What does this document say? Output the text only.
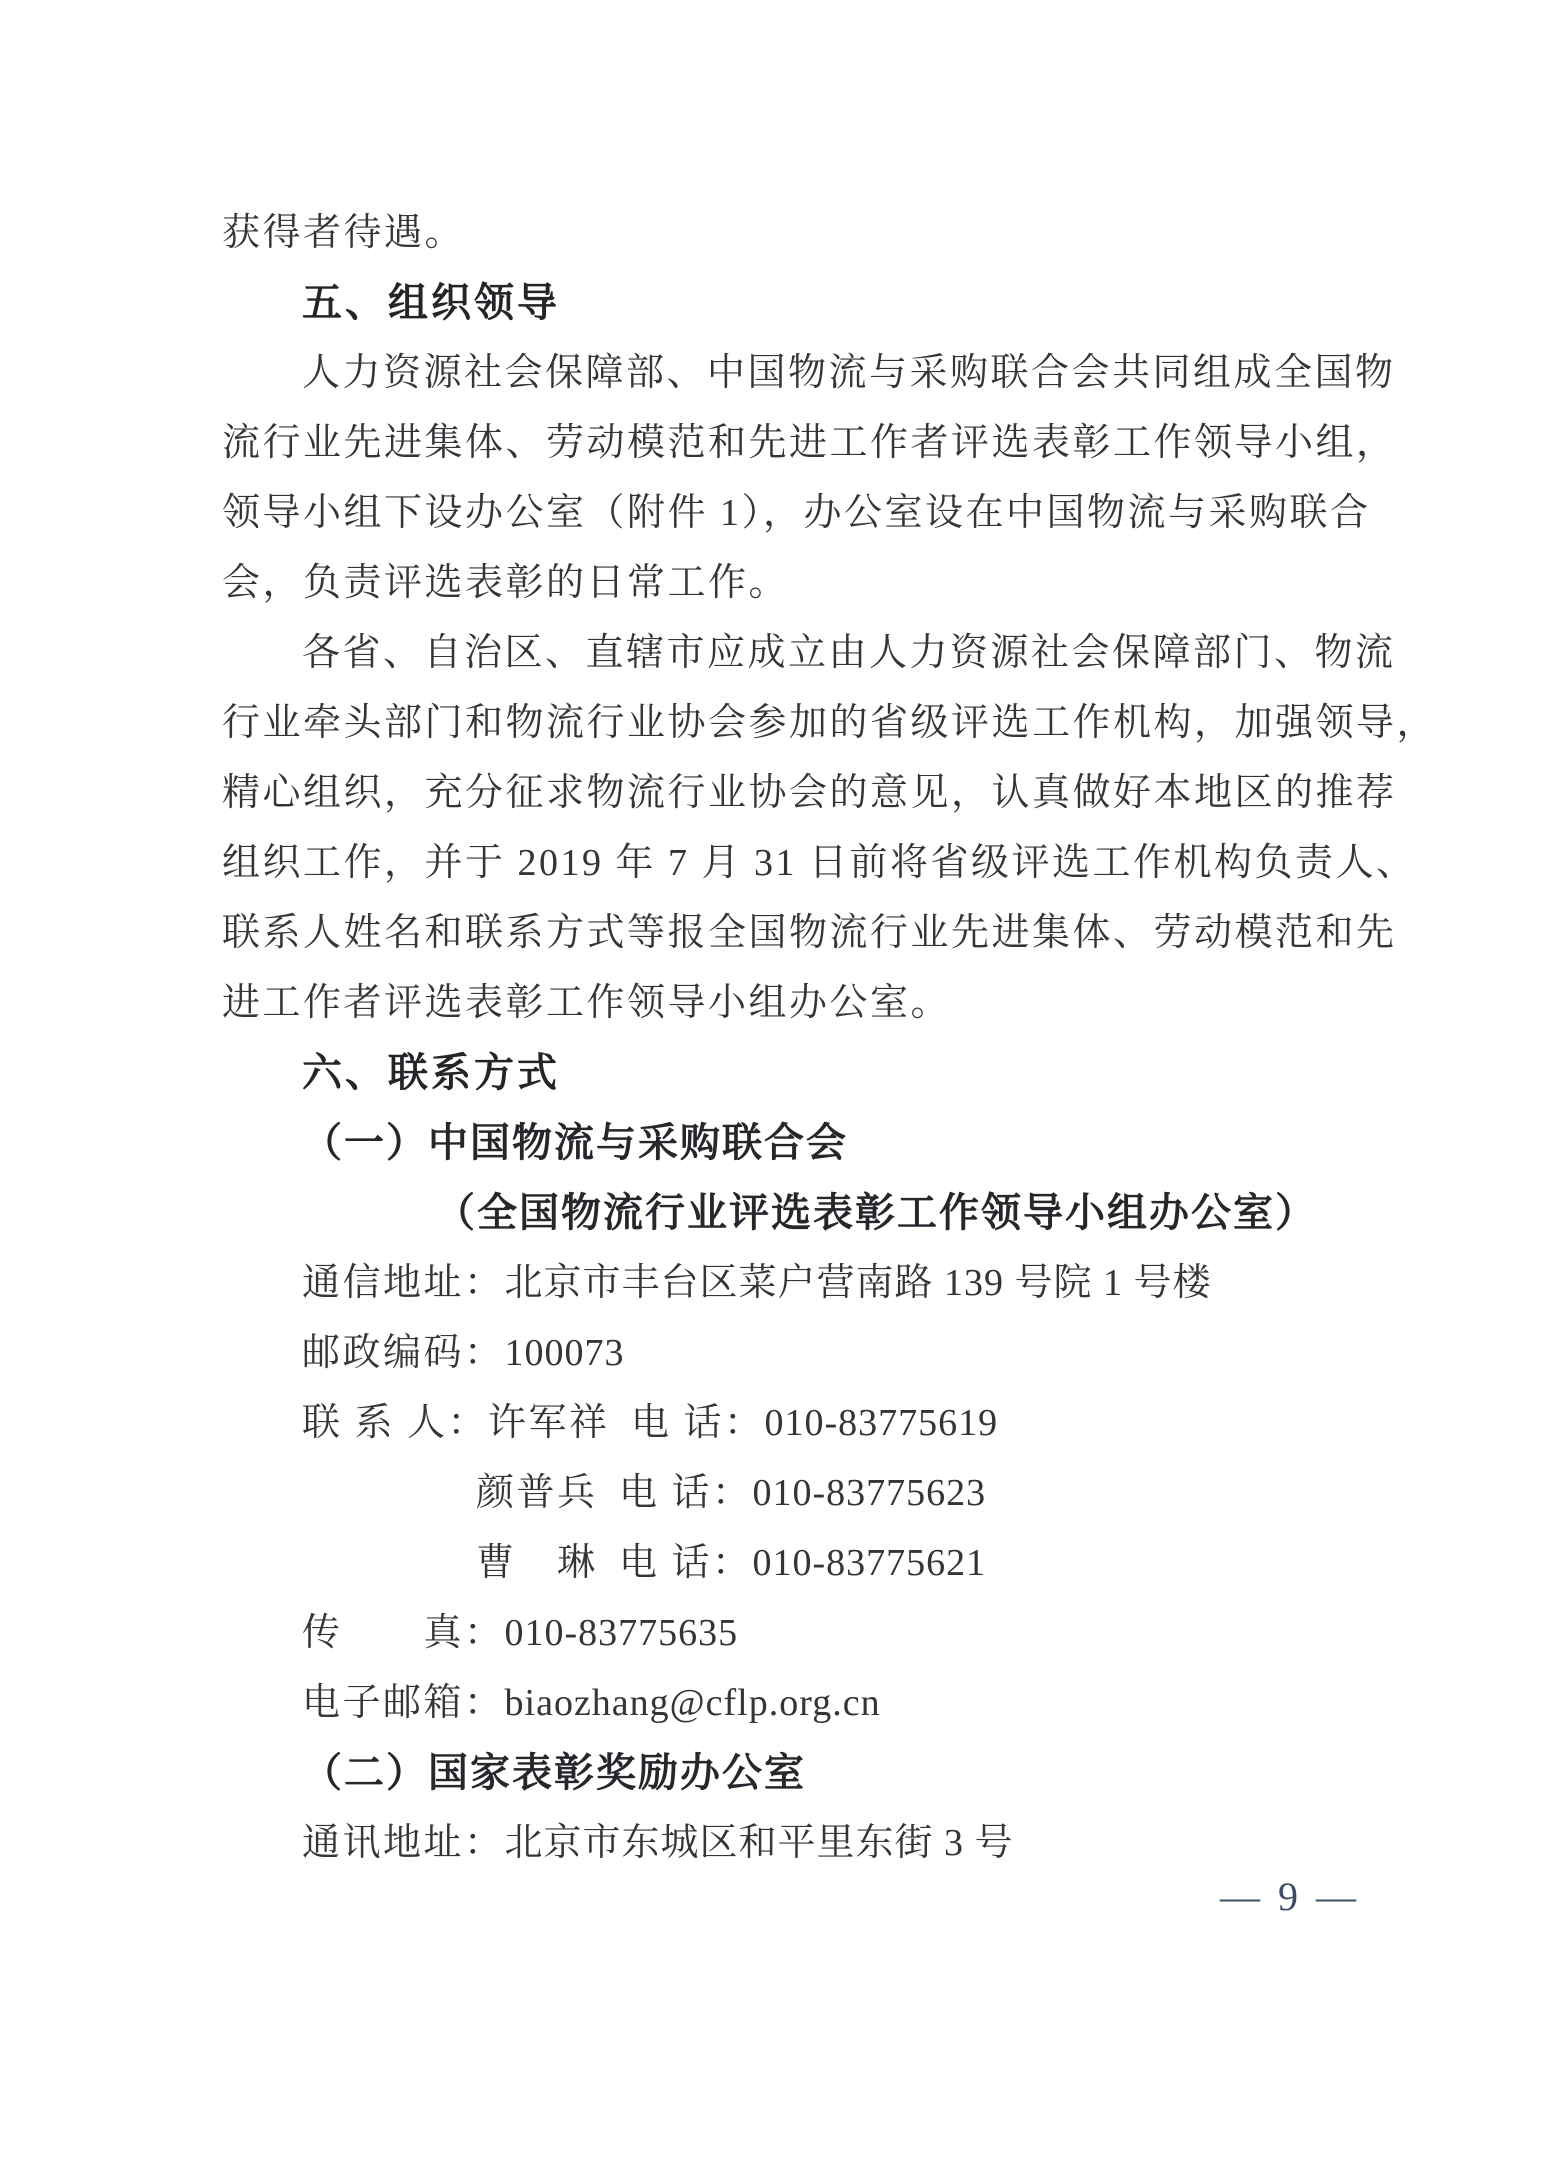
获得者待遇。
五、组织领导
人力资源社会保障部、中国物流与采购联合会共同组成全国物
流行业先进集体、劳动模范和先进工作者评选表彰工作领导小组，
领导小组下设办公室（附件 1），办公室设在中国物流与采购联合
会，负责评选表彰的日常工作。
各省、自治区、直辖市应成立由人力资源社会保障部门、物流
行业牵头部门和物流行业协会参加的省级评选工作机构，加强领导，
精心组织，充分征求物流行业协会的意见，认真做好本地区的推荐
组织工作，并于 2019 年 7 月 31 日前将省级评选工作机构负责人、
联系人姓名和联系方式等报全国物流行业先进集体、劳动模范和先
进工作者评选表彰工作领导小组办公室。
六、联系方式
（一）中国物流与采购联合会
（全国物流行业评选表彰工作领导小组办公室）
通信地址：北京市丰台区菜户营南路 139 号院 1 号楼
邮政编码：100073
联 系 人：许军祥 电 话：010-83775619
颜普兵 电 话：010-83775623
曹　琳 电 话：010-83775621
传　　真：010-83775635
电子邮箱：biaozhang@cflp.org.cn
（二）国家表彰奖励办公室
通讯地址：北京市东城区和平里东街 3 号
— 9 —
